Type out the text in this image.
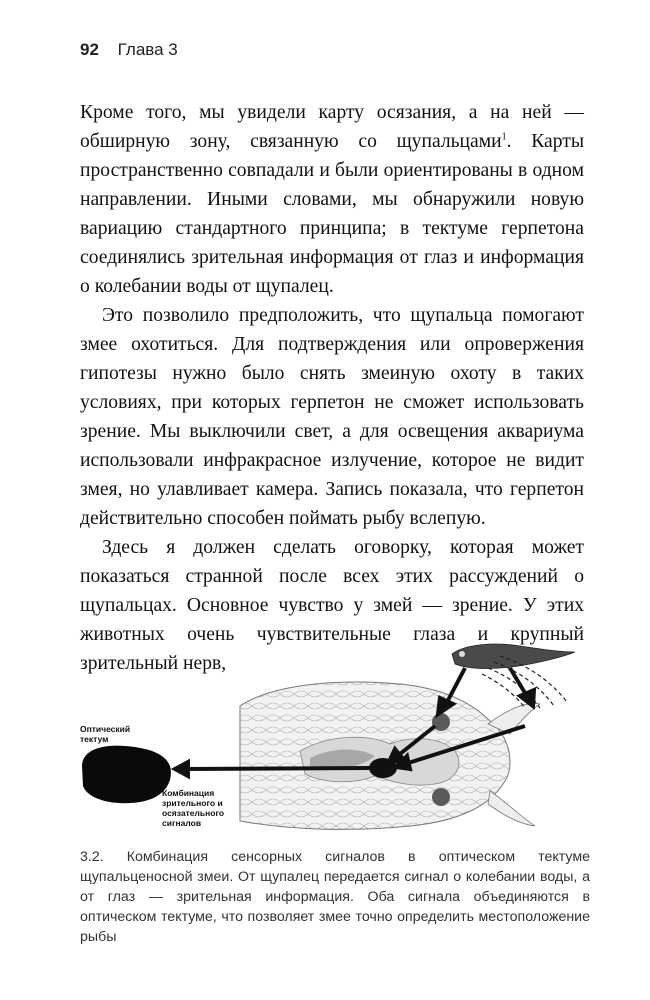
92 Глава 3

Кроме того, мы увидели карту осязания, а на ней — обширную зону, связанную со щупальцами$^1$. Карты пространственно совпадали и были ориентированы в одном направлении. Иными словами, мы обнаружили новую вариацию стандартного принципа; в тектуме герпетона соединялись зрительная информация от глаз и информация о колебании воды от щупалец.

Это позволило предположить, что щупальца помогают змее охотиться. Для подтверждения или опровержения гипотезы нужно было снять змеиную охоту в таких условиях, при которых герпетон не сможет использовать зрение. Мы выключили свет, а для освещения аквариума использовали инфракрасное излучение, которое не видит змея, но улавливает камера. Запись показала, что герпетон действительно способен поймать рыбу вслепую.

Здесь я должен сделать оговорку, которая может показаться странной после всех этих рассуждений о щупальцах. Основное чувство у змей — зрение. У этих животных очень чувствительные глаза и крупный зрительный нерв,

Оптический тектум
Комбинация зрительного и осязательного сигналов
3.2. Комбинация сенсорных сигналов в оптическом тектуме щупальценосной змеи. От щупалец передается сигнал о колебании воды, а от глаз — зрительная информация. Оба сигнала объединяются в оптическом тектуме, что позволяет змее точно определить местоположение рыбы
